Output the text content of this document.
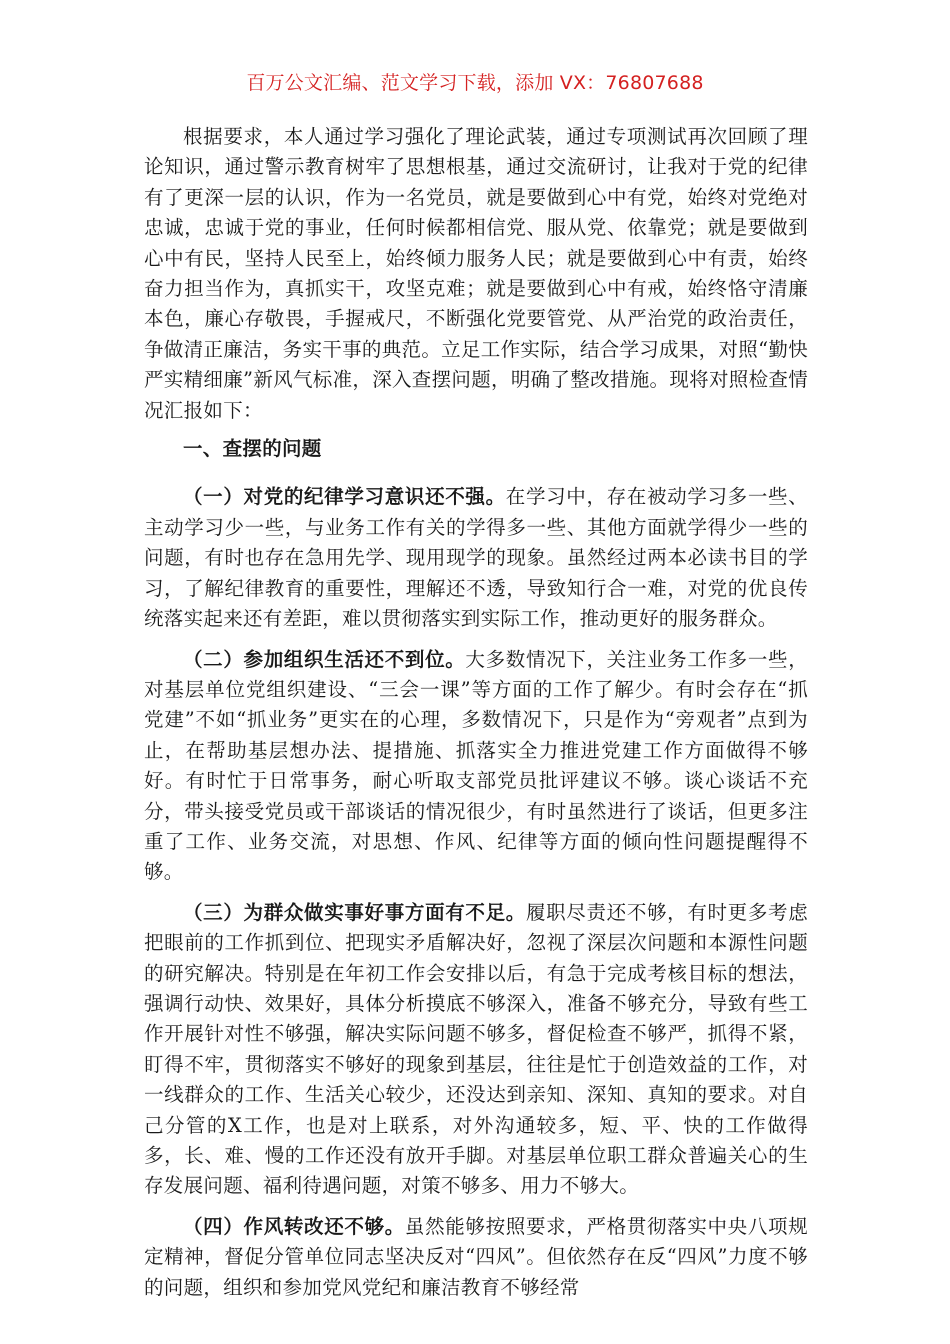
百万公文汇编、范文学习下载，添加 VX：76807688

根据要求，本人通过学习强化了理论武装，通过专项测试再次回顾了理论知识，通过警示教育树牢了思想根基，通过交流研讨，让我对于党的纪律有了更深一层的认识，作为一名党员，就是要做到心中有党，始终对党绝对忠诚，忠诚于党的事业，任何时候都相信党、服从党、依靠党；就是要做到心中有民，坚持人民至上，始终倾力服务人民；就是要做到心中有责，始终奋力担当作为，真抓实干，攻坚克难；就是要做到心中有戒，始终恪守清廉本色，廉心存敬畏，手握戒尺，不断强化党要管党、从严治党的政治责任，争做清正廉洁，务实干事的典范。立足工作实际，结合学习成果，对照“勤快严实精细廉”新风气标准，深入查摆问题，明确了整改措施。现将对照检查情况汇报如下：

一、查摆的问题

（一）对党的纪律学习意识还不强。在学习中，存在被动学习多一些、主动学习少一些，与业务工作有关的学得多一些、其他方面就学得少一些的问题，有时也存在急用先学、现用现学的现象。虽然经过两本必读书目的学习，了解纪律教育的重要性，理解还不透，导致知行合一难，对党的优良传统落实起来还有差距，难以贯彻落实到实际工作，推动更好的服务群众。

（二）参加组织生活还不到位。大多数情况下，关注业务工作多一些，对基层单位党组织建设、“三会一课”等方面的工作了解少。有时会存在“抓党建”不如“抓业务”更实在的心理，多数情况下，只是作为“旁观者”点到为止，在帮助基层想办法、提措施、抓落实全力推进党建工作方面做得不够好。有时忙于日常事务，耐心听取支部党员批评建议不够。谈心谈话不充分，带头接受党员或干部谈话的情况很少，有时虽然进行了谈话，但更多注重了工作、业务交流，对思想、作风、纪律等方面的倾向性问题提醒得不够。

（三）为群众做实事好事方面有不足。履职尽责还不够，有时更多考虑把眼前的工作抓到位、把现实矛盾解决好，忽视了深层次问题和本源性问题的研究解决。特别是在年初工作会安排以后，有急于完成考核目标的想法，强调行动快、效果好，具体分析摸底不够深入，准备不够充分，导致有些工作开展针对性不够强，解决实际问题不够多，督促检查不够严，抓得不紧，盯得不牢，贯彻落实不够好的现象到基层，往往是忙于创造效益的工作，对一线群众的工作、生活关心较少，还没达到亲知、深知、真知的要求。对自己分管的X工作，也是对上联系，对外沟通较多，短、平、快的工作做得多，长、难、慢的工作还没有放开手脚。对基层单位职工群众普遍关心的生存发展问题、福利待遇问题，对策不够多、用力不够大。

（四）作风转改还不够。虽然能够按照要求，严格贯彻落实中央八项规定精神，督促分管单位同志坚决反对“四风”。但依然存在反“四风”力度不够的问题，组织和参加党风党纪和廉洁教育不够经常
